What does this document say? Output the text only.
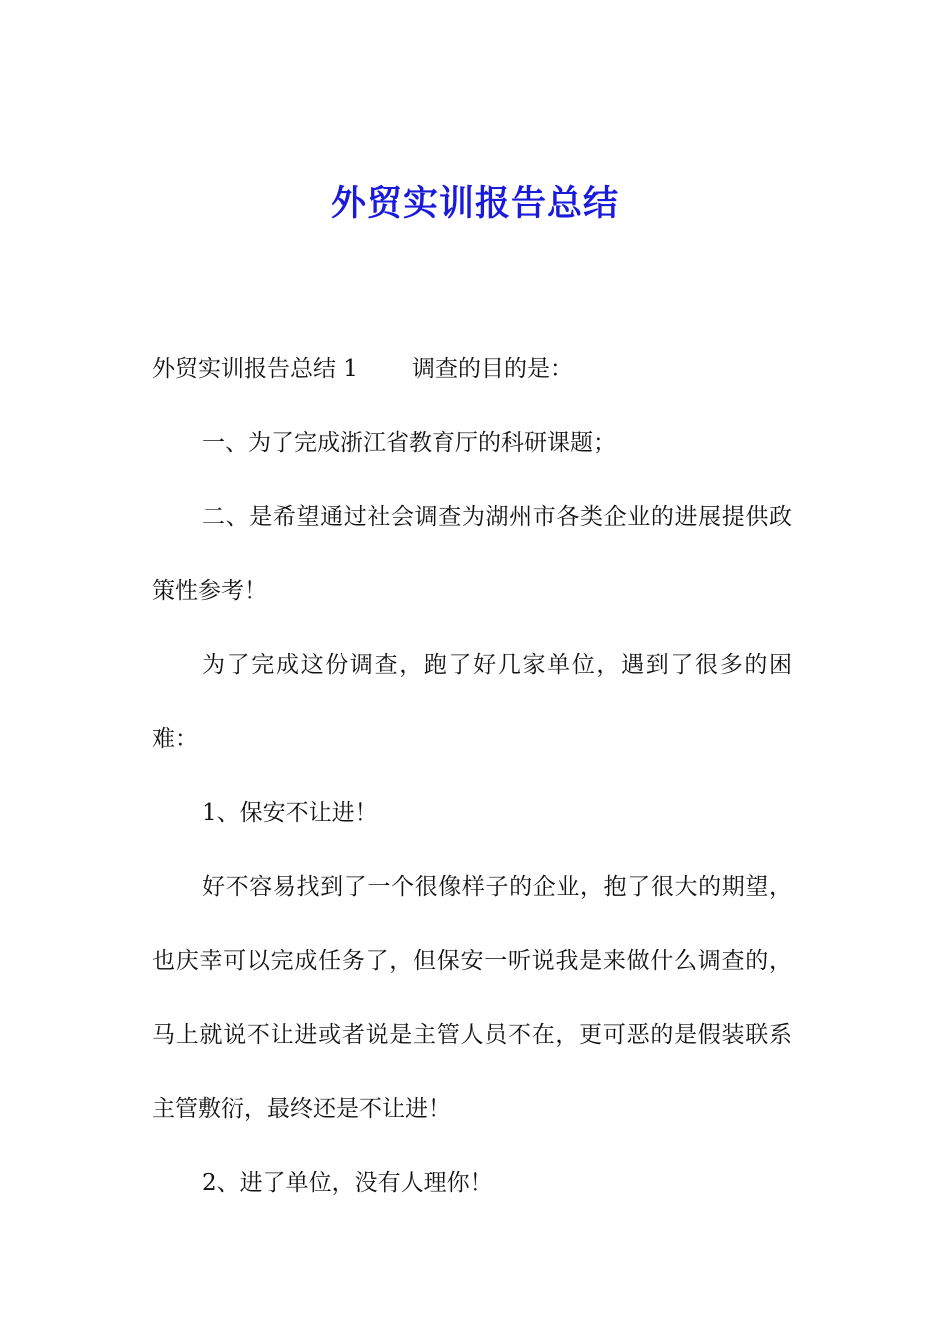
外贸实训报告总结

外贸实训报告总结 1 调查的目的是：

一、为了完成浙江省教育厅的科研课题；

二、是希望通过社会调查为湖州市各类企业的进展提供政策性参考！

为了完成这份调查，跑了好几家单位，遇到了很多的困难：

1、保安不让进！

好不容易找到了一个很像样子的企业，抱了很大的期望，也庆幸可以完成任务了，但保安一听说我是来做什么调查的，马上就说不让进或者说是主管人员不在，更可恶的是假装联系主管敷衍，最终还是不让进！

2、进了单位，没有人理你！
